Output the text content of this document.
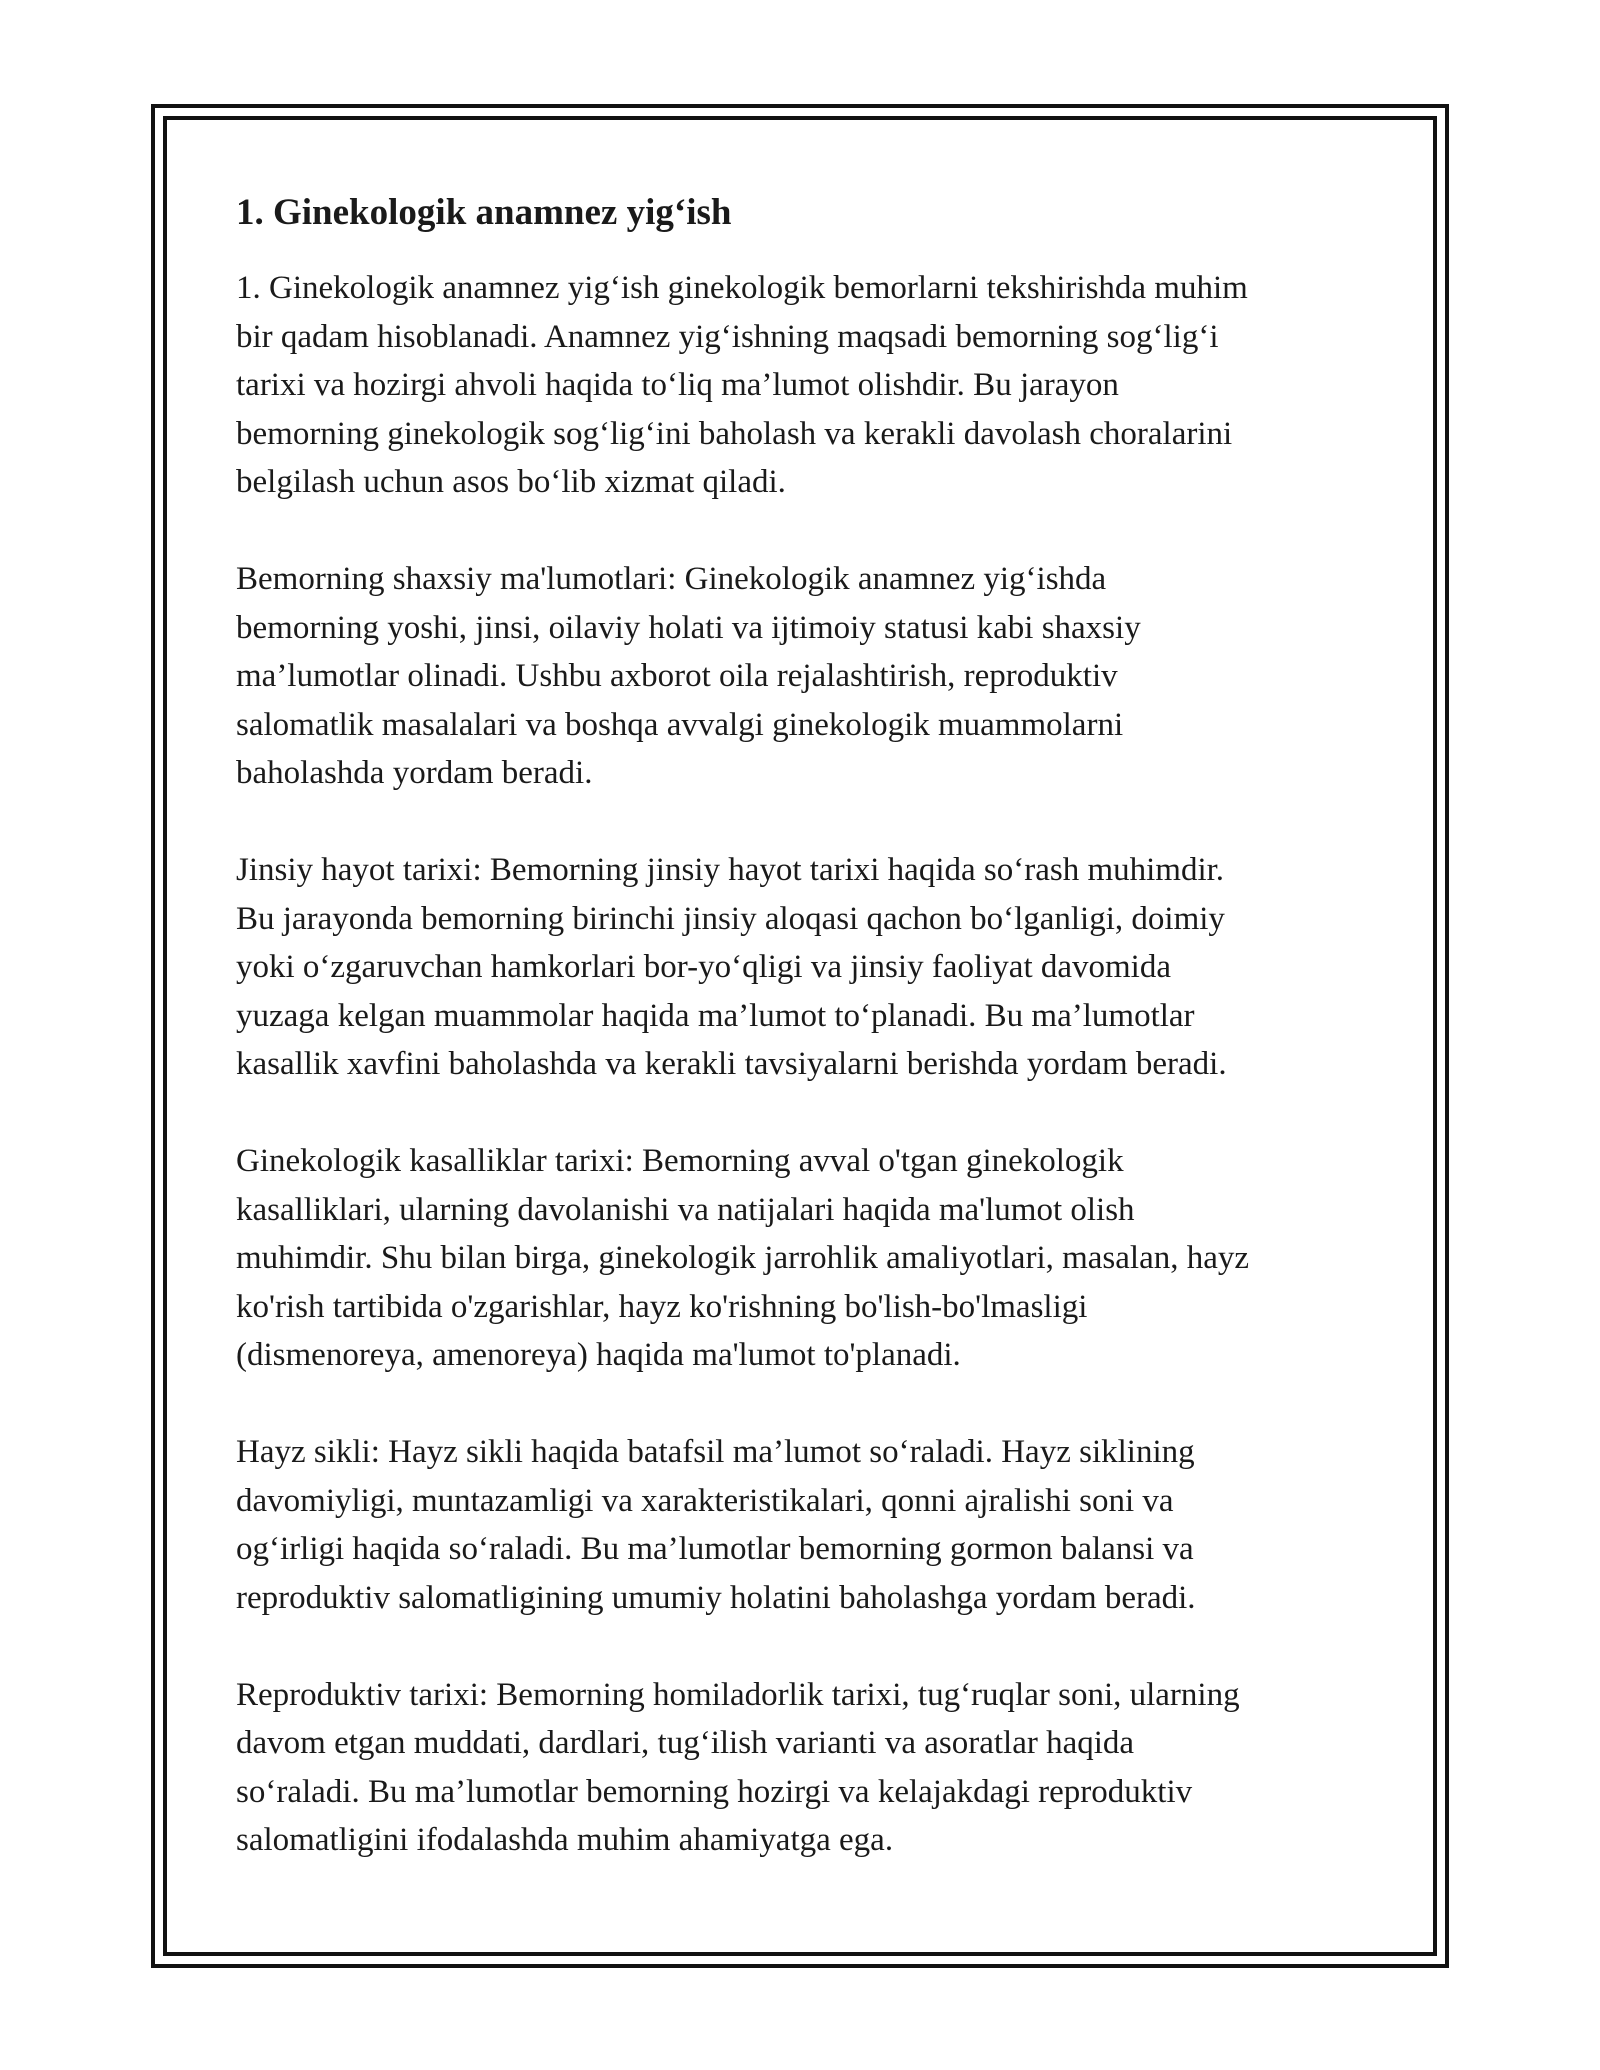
1. Ginekologik anamnez yig‘ish

1. Ginekologik anamnez yig‘ish ginekologik bemorlarni tekshirishda muhim
bir qadam hisoblanadi. Anamnez yig‘ishning maqsadi bemorning sog‘lig‘i
tarixi va hozirgi ahvoli haqida to‘liq ma’lumot olishdir. Bu jarayon
bemorning ginekologik sog‘lig‘ini baholash va kerakli davolash choralarini
belgilash uchun asos bo‘lib xizmat qiladi.

Bemorning shaxsiy ma'lumotlari: Ginekologik anamnez yig‘ishda
bemorning yoshi, jinsi, oilaviy holati va ijtimoiy statusi kabi shaxsiy
ma’lumotlar olinadi. Ushbu axborot oila rejalashtirish, reproduktiv
salomatlik masalalari va boshqa avvalgi ginekologik muammolarni
baholashda yordam beradi.

Jinsiy hayot tarixi: Bemorning jinsiy hayot tarixi haqida so‘rash muhimdir.
Bu jarayonda bemorning birinchi jinsiy aloqasi qachon bo‘lganligi, doimiy
yoki o‘zgaruvchan hamkorlari bor-yo‘qligi va jinsiy faoliyat davomida
yuzaga kelgan muammolar haqida ma’lumot to‘planadi. Bu ma’lumotlar
kasallik xavfini baholashda va kerakli tavsiyalarni berishda yordam beradi.

Ginekologik kasalliklar tarixi: Bemorning avval o'tgan ginekologik
kasalliklari, ularning davolanishi va natijalari haqida ma'lumot olish
muhimdir. Shu bilan birga, ginekologik jarrohlik amaliyotlari, masalan, hayz
ko'rish tartibida o'zgarishlar, hayz ko'rishning bo'lish-bo'lmasligi
(dismenoreya, amenoreya) haqida ma'lumot to'planadi.

Hayz sikli: Hayz sikli haqida batafsil ma’lumot so‘raladi. Hayz siklining
davomiyligi, muntazamligi va xarakteristikalari, qonni ajralishi soni va
og‘irligi haqida so‘raladi. Bu ma’lumotlar bemorning gormon balansi va
reproduktiv salomatligining umumiy holatini baholashga yordam beradi.

Reproduktiv tarixi: Bemorning homiladorlik tarixi, tug‘ruqlar soni, ularning
davom etgan muddati, dardlari, tug‘ilish varianti va asoratlar haqida
so‘raladi. Bu ma’lumotlar bemorning hozirgi va kelajakdagi reproduktiv
salomatligini ifodalashda muhim ahamiyatga ega.
